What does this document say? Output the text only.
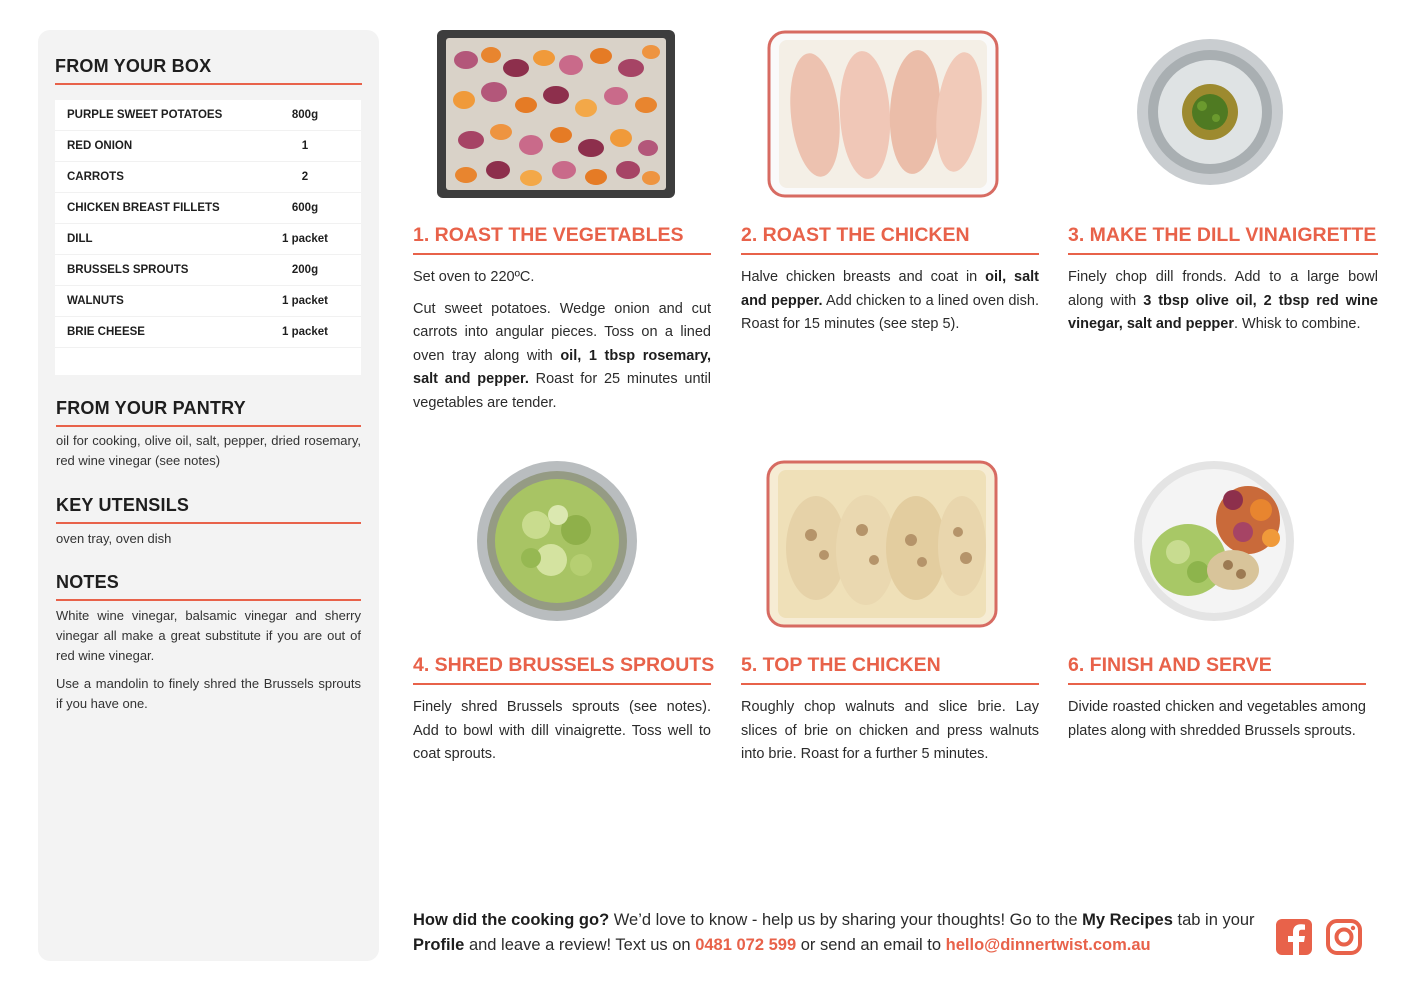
FROM YOUR BOX
PURPLE SWEET POTATOES	800g
RED ONION	1
CARROTS	2
CHICKEN BREAST FILLETS	600g
DILL	1 packet
BRUSSELS SPROUTS	200g
WALNUTS	1 packet
BRIE CHEESE	1 packet
FROM YOUR PANTRY
oil for cooking, olive oil, salt, pepper, dried rosemary, red wine vinegar (see notes)
KEY UTENSILS
oven tray, oven dish
NOTES
White wine vinegar, balsamic vinegar and sherry vinegar all make a great substitute if you are out of red wine vinegar.
Use a mandolin to finely shred the Brussels sprouts if you have one.
1. ROAST THE VEGETABLES	2. ROAST THE CHICKEN	3. MAKE THE DILL VINAIGRETTE
4. SHRED BRUSSELS SPROUTS 5. TOP THE CHICKEN	6. FINISH AND SERVE

Set oven to 220ºC.

Cut sweet potatoes. Wedge onion and cut carrots into angular pieces. Toss on a lined oven tray along with oil, 1 tbsp rosemary, salt and pepper. Roast for 25 minutes until vegetables are tender.

Halve chicken breasts and coat in oil, salt and pepper. Add chicken to a lined oven dish. Roast for 15 minutes (see step 5).

Finely chop dill fronds. Add to a large bowl along with 3 tbsp olive oil, 2 tbsp red wine vinegar, salt and pepper. Whisk to combine.

Finely shred Brussels sprouts (see notes). Add to bowl with dill vinaigrette. Toss well to coat sprouts.

Roughly chop walnuts and slice brie. Lay slices of brie on chicken and press walnuts into brie. Roast for a further 5 minutes.

Divide roasted chicken and vegetables among plates along with shredded Brussels sprouts.

How did the cooking go? We’d love to know - help us by sharing your thoughts! Go to the My Recipes tab in your Profile and leave a review! Text us on 0481 072 599 or send an email to hello@dinnertwist.com.au
